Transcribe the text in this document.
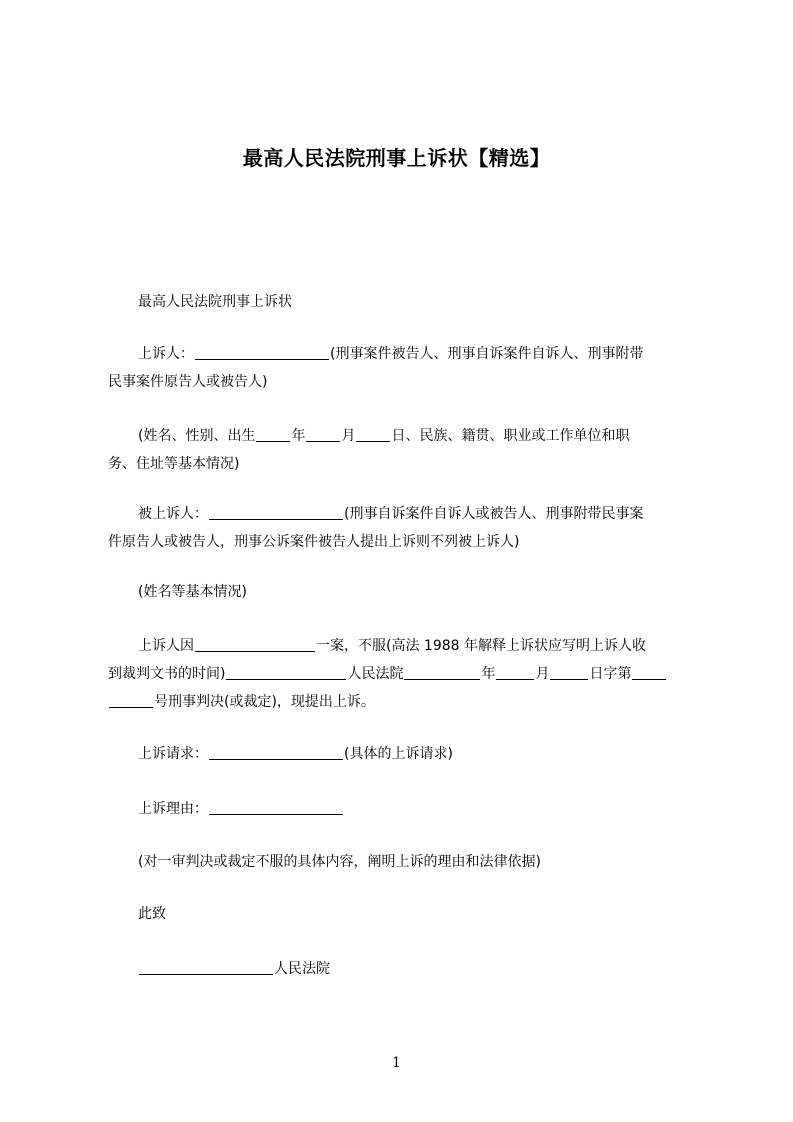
最高人民法院刑事上诉状【精选】

最高人民法院刑事上诉状

上诉人：	(刑事案件被告人、刑事自诉案件自诉人、刑事附带
民事案件原告人或被告人)

(姓名、性别、出生	年	月	日、民族、籍贯、职业或工作单位和职
务、住址等基本情况)

被上诉人：	(刑事自诉案件自诉人或被告人、刑事附带民事案
件原告人或被告人，刑事公诉案件被告人提出上诉则不列被上诉人)

(姓名等基本情况)

上诉人因	一案，不服(高法 1988 年解释上诉状应写明上诉人收
到裁判文书的时间)	人民法院	年	月	日字第
号刑事判决(或裁定)，现提出上诉。

上诉请求：	(具体的上诉请求)

上诉理由：

(对一审判决或裁定不服的具体内容，阐明上诉的理由和法律依据)

此致

人民法院

1
